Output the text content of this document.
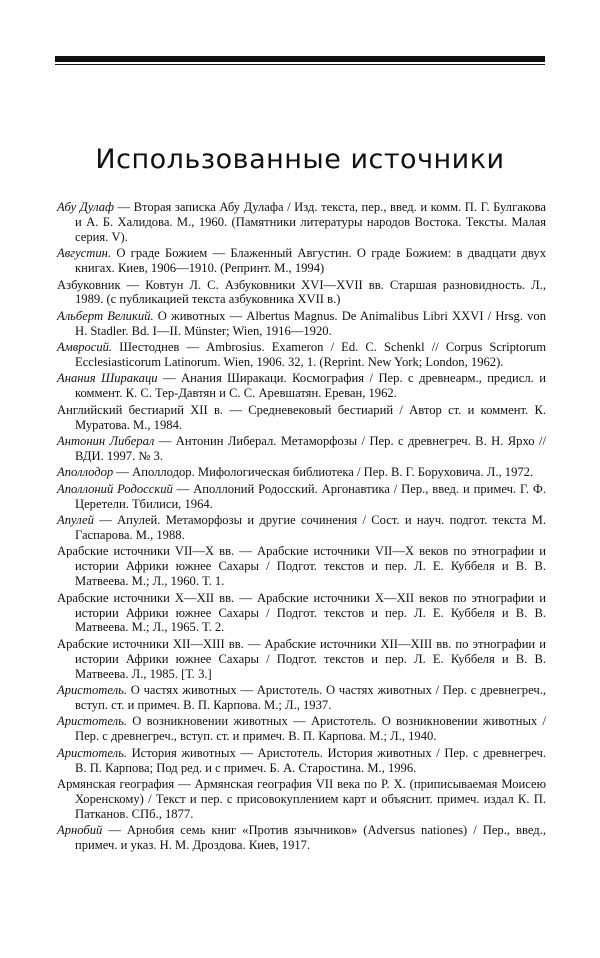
Использованные источники

Абу Дулаф — Вторая записка Абу Дулафа / Изд. текста, пер., введ. и комм. П. Г. Булгакова и А. Б. Халидова. М., 1960. (Памятники литературы народов Востока. Тексты. Малая серия. V).

Августин. О граде Божием — Блаженный Августин. О граде Божием: в двадцати двух книгах. Киев, 1906—1910. (Репринт. М., 1994)

Азбуковник — Ковтун Л. С. Азбуковники XVI—XVII вв. Старшая разновидность. Л., 1989. (с публикацией текста азбуковника XVII в.)

Альберт Великий. О животных — Albertus Magnus. De Animalibus Libri XXVI / Hrsg. von H. Stadler. Bd. I—II. Münster; Wien, 1916—1920.

Амвросий. Шестоднев — Ambrosius. Exameron / Ed. C. Schenkl // Corpus Scriptorum Ecclesiasticorum Latinorum. Wien, 1906. 32, 1. (Reprint. New York; London, 1962).

Анания Ширакаци — Анания Ширакаци. Космография / Пер. с древнеарм., предисл. и коммент. К. С. Тер-Давтян и С. С. Аревшатян. Ереван, 1962.

Английский бестиарий XII в. — Средневековый бестиарий / Автор ст. и коммент. К. Муратова. М., 1984.

Антонин Либерал — Антонин Либерал. Метаморфозы / Пер. с древнегреч. В. Н. Ярхо // ВДИ. 1997. № 3.

Аполлодор — Аполлодор. Мифологическая библиотека / Пер. В. Г. Боруховича. Л., 1972.

Аполлоний Родосский — Аполлоний Родосский. Аргонавтика / Пер., введ. и примеч. Г. Ф. Церетели. Тбилиси, 1964.

Апулей — Апулей. Метаморфозы и другие сочинения / Сост. и науч. подгот. текста М. Гаспарова. М., 1988.

Арабские источники VII—X вв. — Арабские источники VII—X веков по этнографии и истории Африки южнее Сахары / Подгот. текстов и пер. Л. Е. Куббеля и В. В. Матвеева. М.; Л., 1960. Т. 1.

Арабские источники X—XII вв. — Арабские источники X—XII веков по этнографии и истории Африки южнее Сахары / Подгот. текстов и пер. Л. Е. Куббеля и В. В. Матвеева. М.; Л., 1965. Т. 2.

Арабские источники XII—XIII вв. — Арабские источники XII—XIII вв. по этнографии и истории Африки южнее Сахары / Подгот. текстов и пер. Л. Е. Куббеля и В. В. Матвеева. Л., 1985. [Т. 3.]

Аристотель. О частях животных — Аристотель. О частях животных / Пер. с древнегреч., вступ. ст. и примеч. В. П. Карпова. М.; Л., 1937.

Аристотель. О возникновении животных — Аристотель. О возникновении животных / Пер. с древнегреч., вступ. ст. и примеч. В. П. Карпова. М.; Л., 1940.

Аристотель. История животных — Аристотель. История животных / Пер. с древнегреч. В. П. Карпова; Под ред. и с примеч. Б. А. Старостина. М., 1996.

Армянская география — Армянская география VII века по Р. Х. (приписываемая Моисею Хоренскому) / Текст и пер. с присовокуплением карт и объяснит. примеч. издал К. П. Патканов. СПб., 1877.

Арнобий — Арнобия семь книг «Против язычников» (Adversus nationes) / Пер., введ., примеч. и указ. Н. М. Дроздова. Киев, 1917.
